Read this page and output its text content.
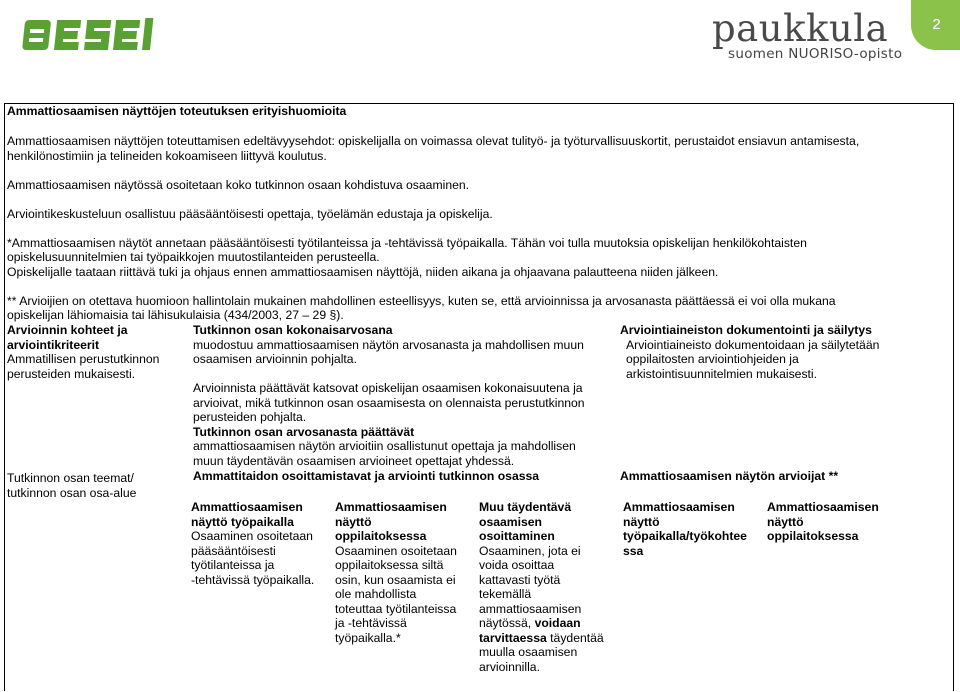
paukkula
suomen NUORISO-opisto
2
Ammattiosaamisen näyttöjen toteutuksen erityishuomioita
Ammattiosaamisen näyttöjen toteuttamisen edeltävyysehdot: opiskelijalla on voimassa olevat tulityö- ja työturvallisuuskortit, perustaidot ensiavun antamisesta,
henkilönostimiin ja telineiden kokoamiseen liittyvä koulutus.
Ammattiosaamisen näytössä osoitetaan koko tutkinnon osaan kohdistuva osaaminen.
Arviointikeskusteluun osallistuu pääsääntöisesti opettaja, työelämän edustaja ja opiskelija.
*Ammattiosaamisen näytöt annetaan pääsääntöisesti työtilanteissa ja -tehtävissä työpaikalla. Tähän voi tulla muutoksia opiskelijan henkilökohtaisten
opiskelusuunnitelmien tai työpaikkojen muutostilanteiden perusteella.
Opiskelijalle taataan riittävä tuki ja ohjaus ennen ammattiosaamisen näyttöjä, niiden aikana ja ohjaavana palautteena niiden jälkeen.
** Arvioijien on otettava huomioon hallintolain mukainen mahdollinen esteellisyys, kuten se, että arvioinnissa ja arvosanasta päättäessä ei voi olla mukana
opiskelijan lähiomaisia tai lähisukulaisia (434/2003, 27 – 29 §).
Arvioinnin kohteet ja
arviointikriteerit
Ammatillisen perustutkinnon
perusteiden mukaisesti.
Tutkinnon osan teemat/
tutkinnon osan osa-alue
Tutkinnon osan kokonaisarvosana
muodostuu ammattiosaamisen näytön arvosanasta ja mahdollisen muun
osaamisen arvioinnin pohjalta.
Arvioinnista päättävät katsovat opiskelijan osaamisen kokonaisuutena ja
arvioivat, mikä tutkinnon osan osaamisesta on olennaista perustutkinnon
perusteiden pohjalta.
Tutkinnon osan arvosanasta päättävät
ammattiosaamisen näytön arvioitiin osallistunut opettaja ja mahdollisen
muun täydentävän osaamisen arvioineet opettajat yhdessä.
Ammattitaidon osoittamistavat ja arviointi tutkinnon osassa
Arviointiaineiston dokumentointi ja säilytys
Arviointiaineisto dokumentoidaan ja säilytetään
oppilaitosten arviointiohjeiden ja
arkistointisuunnitelmien mukaisesti.
Ammattiosaamisen näytön arvioijat **
Ammattiosaamisen
näyttö työpaikalla
Osaaminen osoitetaan
pääsääntöisesti
työtilanteissa ja
-tehtävissä työpaikalla.
Ammattiosaamisen
näyttö
oppilaitoksessa
Osaaminen osoitetaan
oppilaitoksessa siltä
osin, kun osaamista ei
ole mahdollista
toteuttaa työtilanteissa
ja -tehtävissä
työpaikalla.*
Muu täydentävä
osaamisen
osoittaminen
Osaaminen, jota ei
voida osoittaa
kattavasti työtä
tekemällä
ammattiosaamisen
näytössä, voidaan
tarvittaessa täydentää
muulla osaamisen
arvioinnilla.
Ammattiosaamisen
näyttö
työpaikalla/työkohtee
ssa
Ammattiosaamisen
näyttö
oppilaitoksessa
